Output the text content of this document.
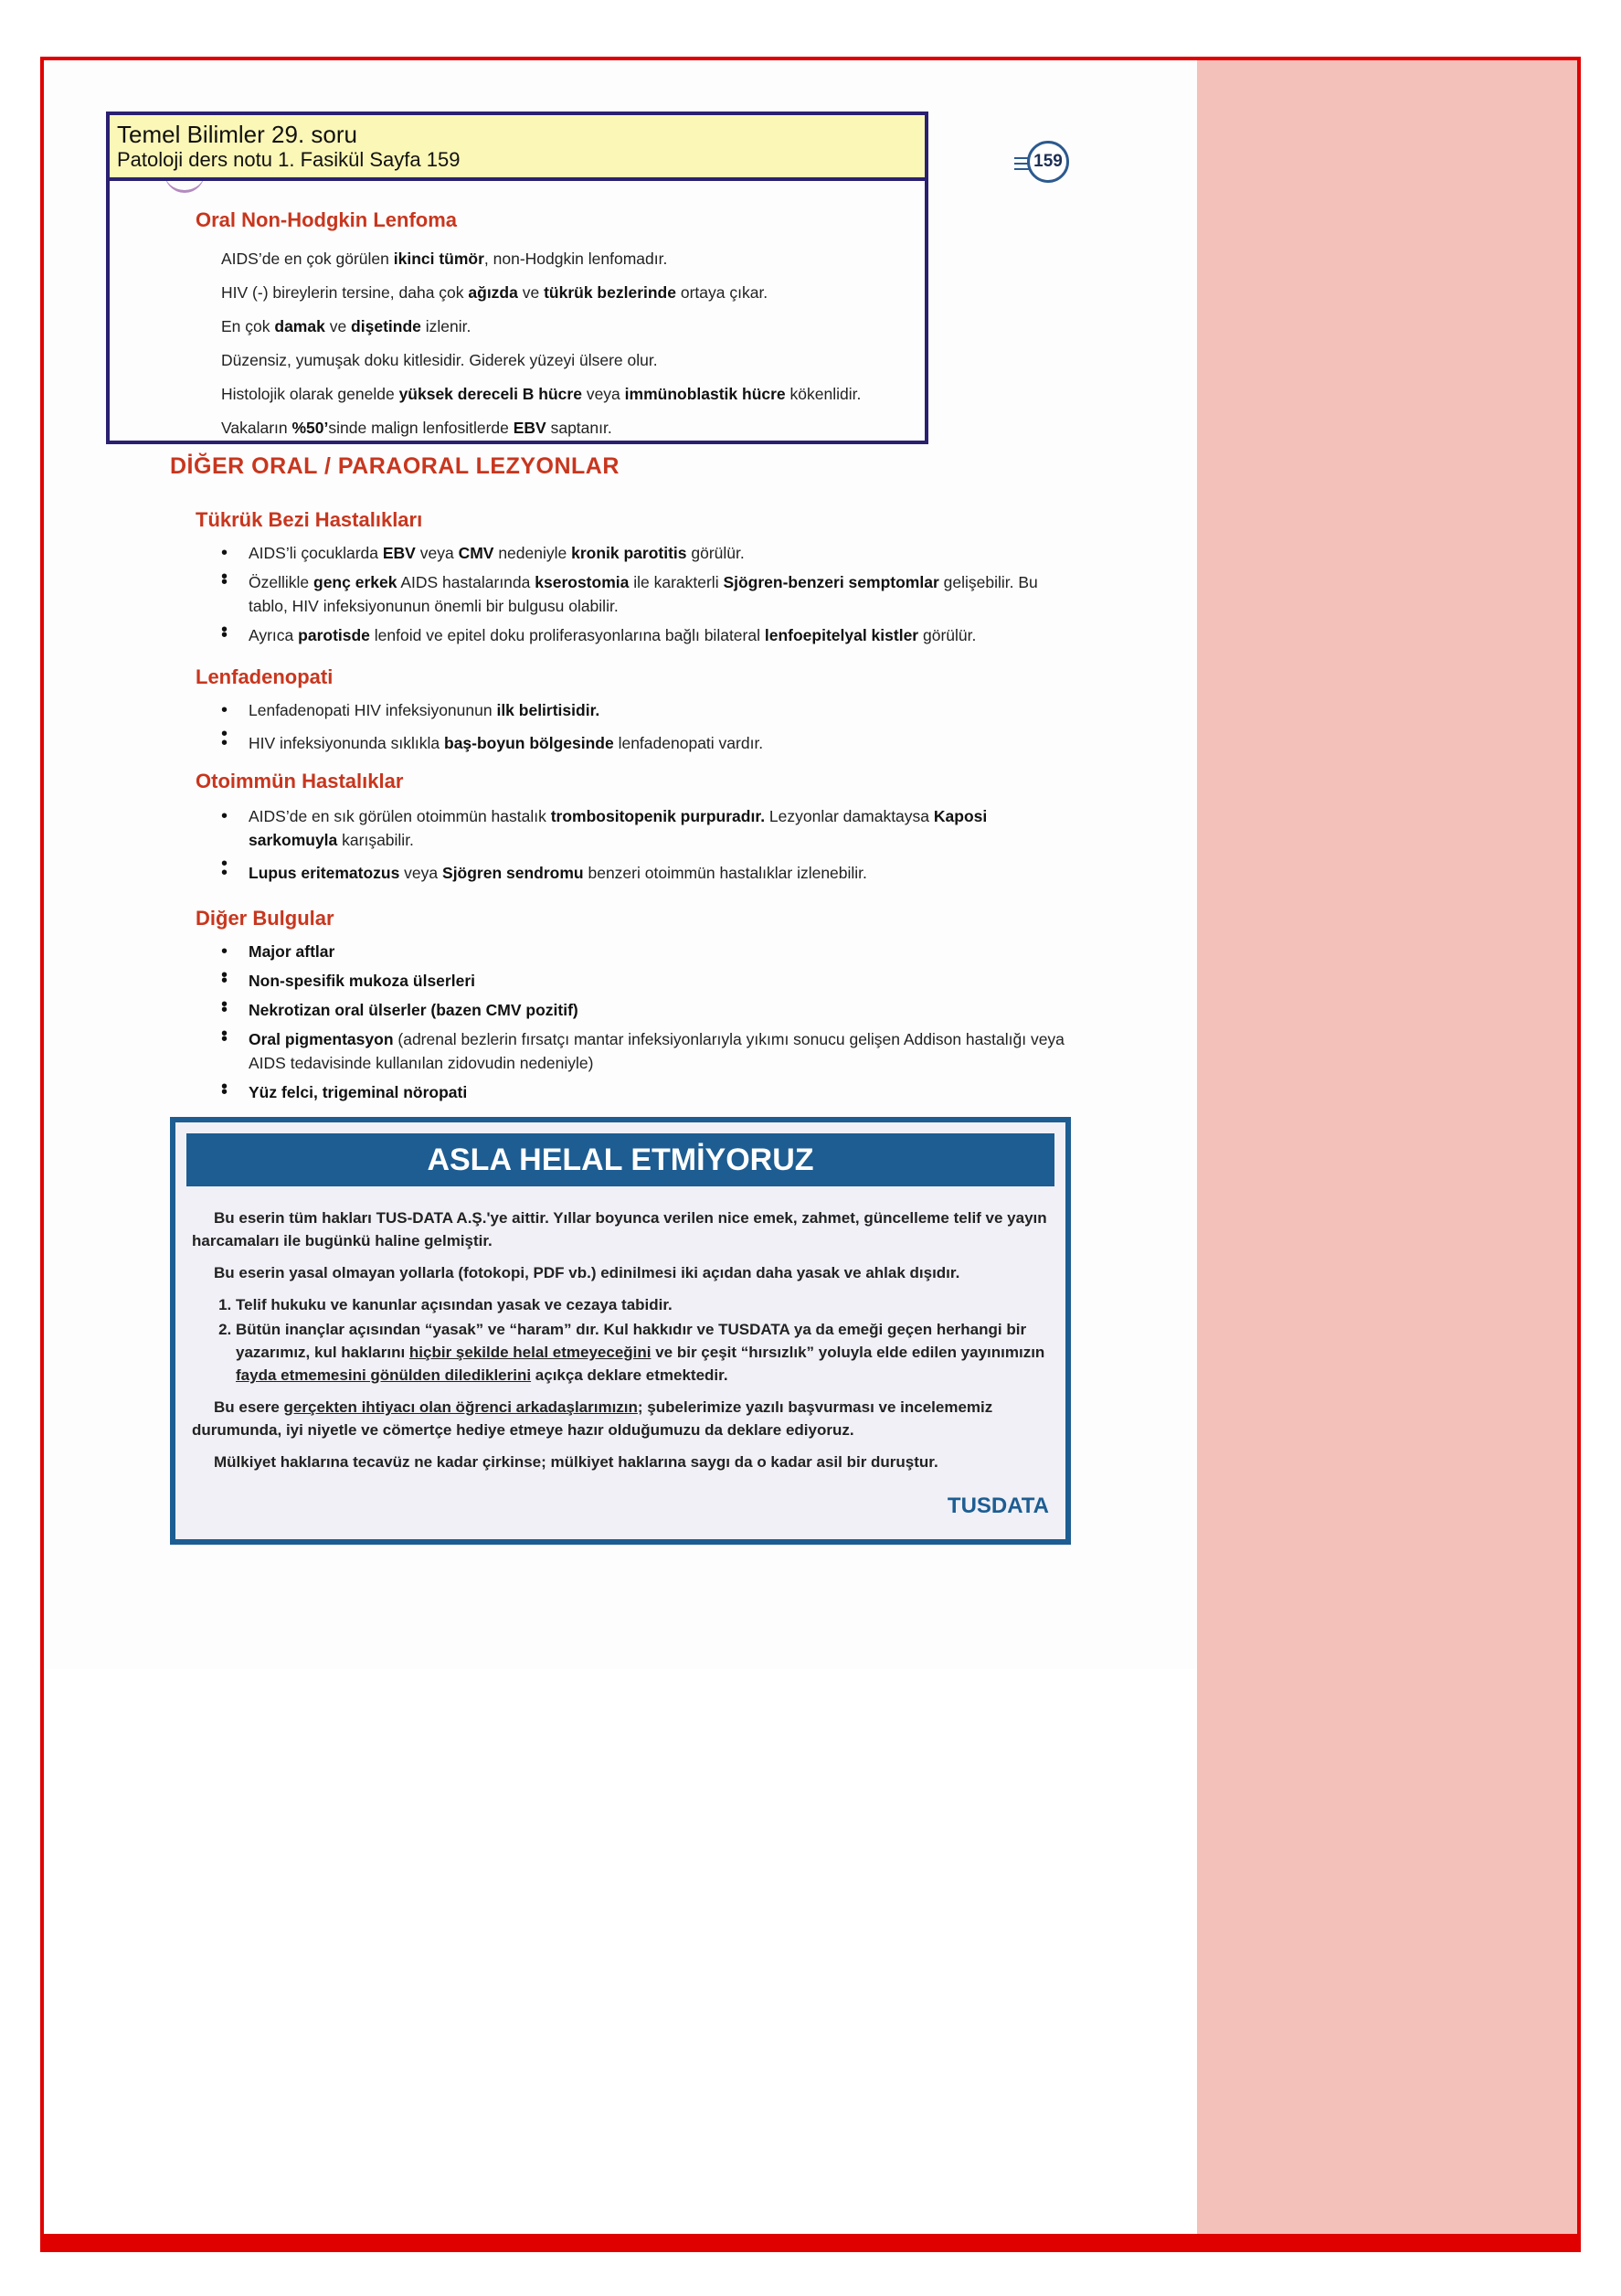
159
Temel Bilimler 29. soru
Patoloji ders notu 1. Fasikül Sayfa 159
Oral Non-Hodgkin Lenfoma
AIDS’de en çok görülen ikinci tümör, non-Hodgkin lenfomadır.
HIV (-) bireylerin tersine, daha çok ağızda ve tükrük bezlerinde ortaya çıkar.
En çok damak ve dişetinde izlenir.
Düzensiz, yumuşak doku kitlesidir. Giderek yüzeyi ülsere olur.
Histolojik olarak genelde yüksek dereceli B hücre veya immünoblastik hücre kökenlidir.
Vakaların %50’sinde malign lenfositlerde EBV saptanır.
DİĞER ORAL / PARAORAL LEZYONLAR
Tükrük Bezi Hastalıkları
• AIDS’li çocuklarda EBV veya CMV nedeniyle kronik parotitis görülür.
•
• Özellikle genç erkek AIDS hastalarında kserostomia ile karakterli Sjögren-benzeri semptomlar gelişebilir. Bu tablo, HIV infeksiyonunun önemli bir bulgusu olabilir.
•
• Ayrıca parotisde lenfoid ve epitel doku proliferasyonlarına bağlı bilateral lenfoepitelyal kistler görülür.
Lenfadenopati
• Lenfadenopati HIV infeksiyonunun ilk belirtisidir.
•
• HIV infeksiyonunda sıklıkla baş-boyun bölgesinde lenfadenopati vardır.
Otoimmün Hastalıklar
• AIDS’de en sık görülen otoimmün hastalık trombositopenik purpuradır. Lezyonlar damaktaysa Kaposi sarkomuyla karışabilir.
•
• Lupus eritematozus veya Sjögren sendromu benzeri otoimmün hastalıklar izlenebilir.
Diğer Bulgular
• Major aftlar
•
• Non-spesifik mukoza ülserleri
•
• Nekrotizan oral ülserler (bazen CMV pozitif)
•
• Oral pigmentasyon (adrenal bezlerin fırsatçı mantar infeksiyonlarıyla yıkımı sonucu gelişen Addison hastalığı veya AIDS tedavisinde kullanılan zidovudin nedeniyle)
•
• Yüz felci, trigeminal nöropati
ASLA HELAL ETMİYORUZ

Bu eserin tüm hakları TUS-DATA A.Ş.'ye aittir. Yıllar boyunca verilen nice emek, zahmet, güncelleme telif ve yayın harcamaları ile bugünkü haline gelmiştir.

Bu eserin yasal olmayan yollarla (fotokopi, PDF vb.) edinilmesi iki açıdan daha yasak ve ahlak dışıdır.

1. Telif hukuku ve kanunlar açısından yasak ve cezaya tabidir.
2. Bütün inançlar açısından “yasak” ve “haram” dır. Kul hakkıdır ve TUSDATA ya da emeği geçen herhangi bir yazarımız, kul haklarını hiçbir şekilde helal etmeyeceğini ve bir çeşit “hırsızlık” yoluyla elde edilen yayınımızın fayda etmemesini gönülden dilediklerini açıkça deklare etmektedir.

Bu esere gerçekten ihtiyacı olan öğrenci arkadaşlarımızın; şubelerimize yazılı başvurması ve incelememiz durumunda, iyi niyetle ve cömertçe hediye etmeye hazır olduğumuzu da deklare ediyoruz.

Mülkiyet haklarına tecavüz ne kadar çirkinse; mülkiyet haklarına saygı da o kadar asil bir duruştur.

TUSDATA
